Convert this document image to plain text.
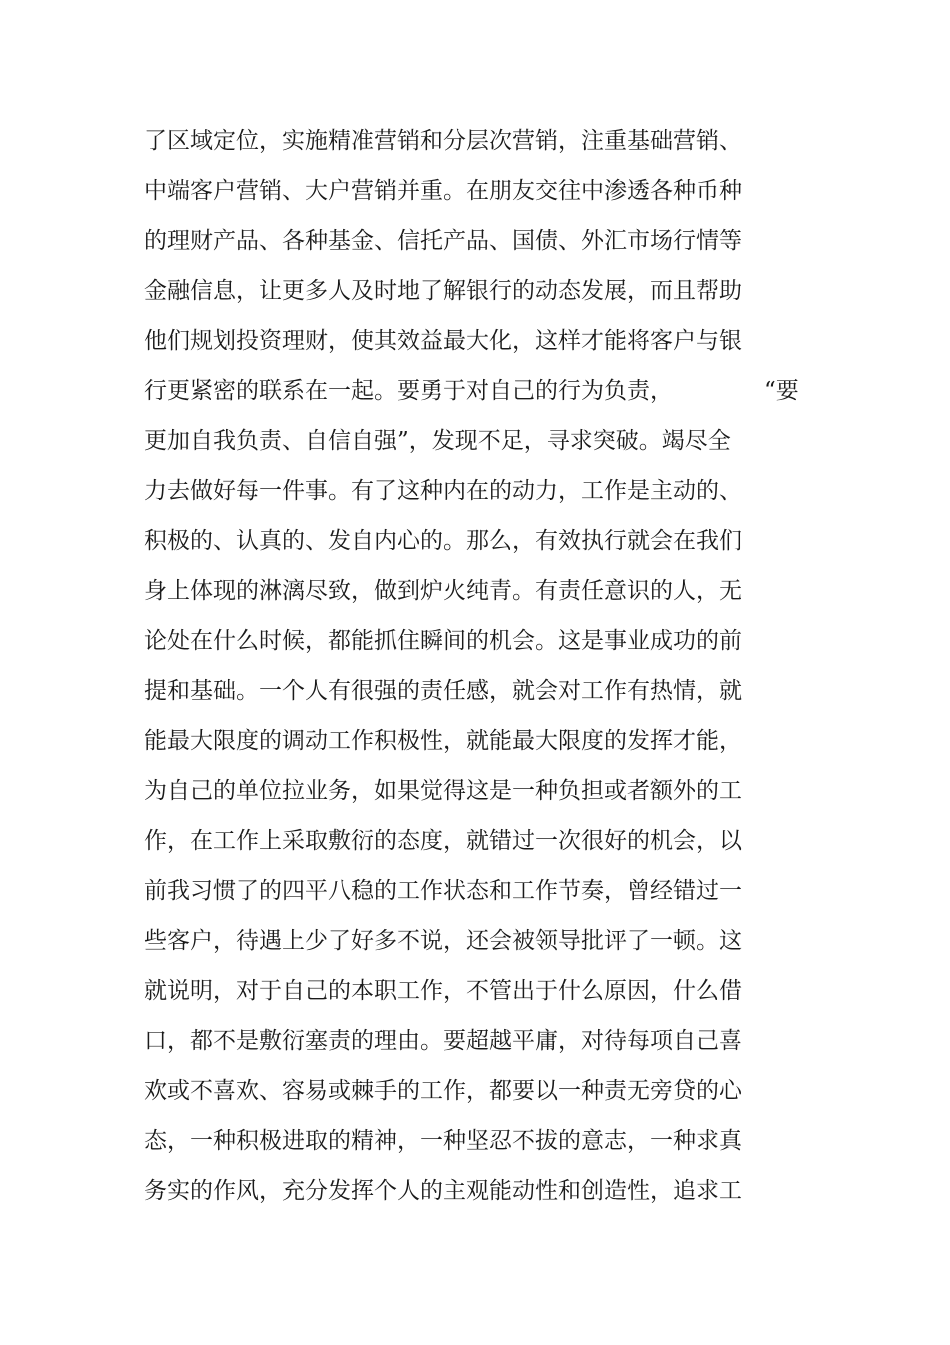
了区域定位，实施精准营销和分层次营销，注重基础营销、
中端客户营销、大户营销并重。在朋友交往中渗透各种币种
的理财产品、各种基金、信托产品、国债、外汇市场行情等
金融信息，让更多人及时地了解银行的动态发展，而且帮助
他们规划投资理财，使其效益最大化，这样才能将客户与银
行更紧密的联系在一起。要勇于对自己的行为负责，	“要
更加自我负责、自信自强”，发现不足，寻求突破。竭尽全
力去做好每一件事。有了这种内在的动力，工作是主动的、
积极的、认真的、发自内心的。那么，有效执行就会在我们
身上体现的淋漓尽致，做到炉火纯青。有责任意识的人，无
论处在什么时候，都能抓住瞬间的机会。这是事业成功的前
提和基础。一个人有很强的责任感，就会对工作有热情，就
能最大限度的调动工作积极性，就能最大限度的发挥才能，
为自己的单位拉业务，如果觉得这是一种负担或者额外的工
作，在工作上采取敷衍的态度，就错过一次很好的机会，以
前我习惯了的四平八稳的工作状态和工作节奏，曾经错过一
些客户，待遇上少了好多不说，还会被领导批评了一顿。这
就说明，对于自己的本职工作，不管出于什么原因，什么借
口，都不是敷衍塞责的理由。要超越平庸，对待每项自己喜
欢或不喜欢、容易或棘手的工作，都要以一种责无旁贷的心
态，一种积极进取的精神，一种坚忍不拔的意志，一种求真
务实的作风，充分发挥个人的主观能动性和创造性，追求工
